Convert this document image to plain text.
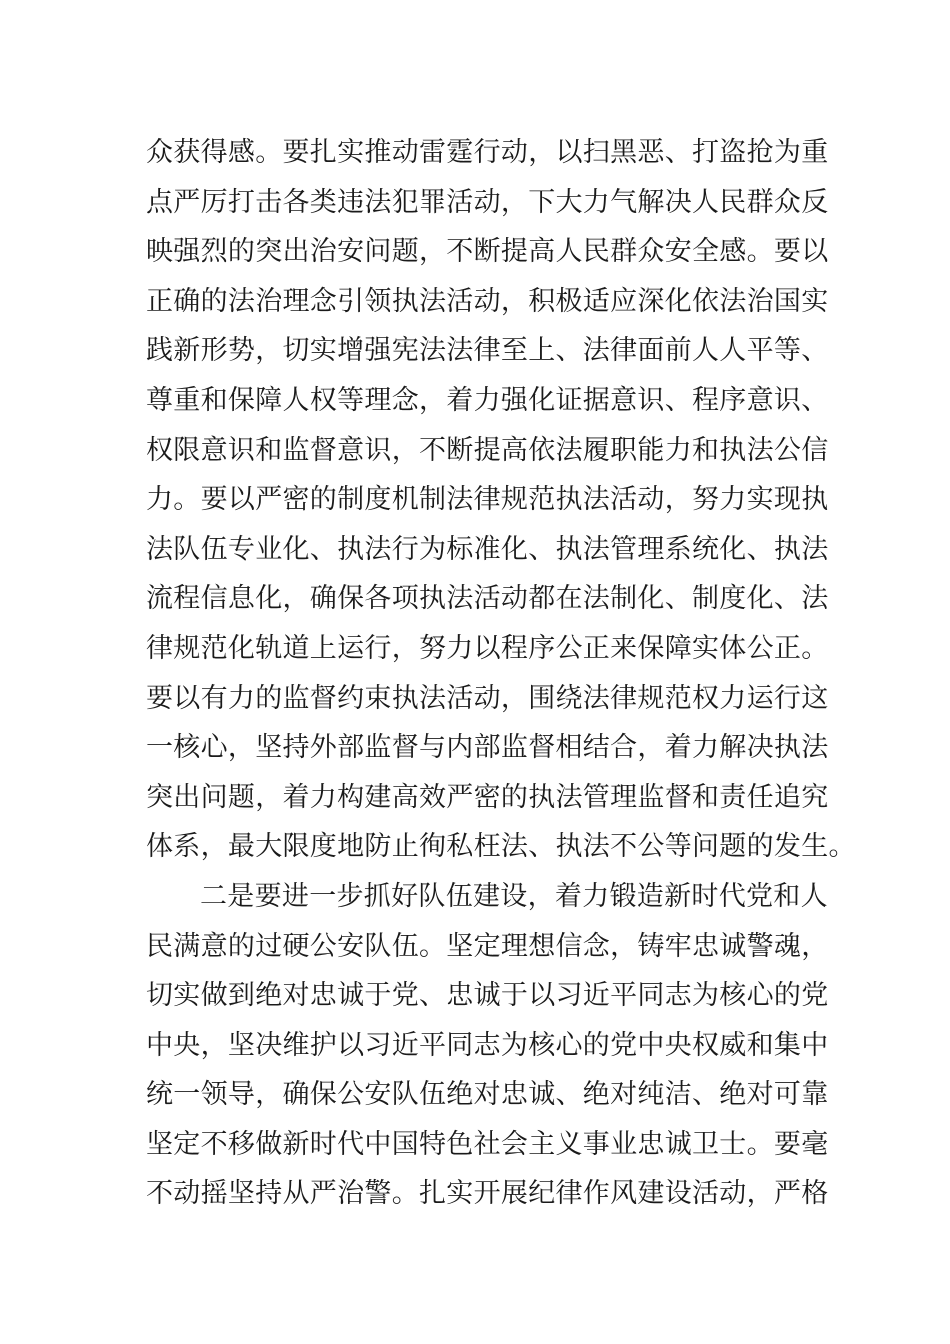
众获得感。要扎实推动雷霆行动，以扫黑恶、打盗抢为重
点严厉打击各类违法犯罪活动，下大力气解决人民群众反
映强烈的突出治安问题，不断提高人民群众安全感。要以
正确的法治理念引领执法活动，积极适应深化依法治国实
践新形势，切实增强宪法法律至上、法律面前人人平等、
尊重和保障人权等理念，着力强化证据意识、程序意识、
权限意识和监督意识，不断提高依法履职能力和执法公信
力。要以严密的制度机制法律规范执法活动，努力实现执
法队伍专业化、执法行为标准化、执法管理系统化、执法
流程信息化，确保各项执法活动都在法制化、制度化、法
律规范化轨道上运行，努力以程序公正来保障实体公正。
要以有力的监督约束执法活动，围绕法律规范权力运行这
一核心，坚持外部监督与内部监督相结合，着力解决执法
突出问题，着力构建高效严密的执法管理监督和责任追究
体系，最大限度地防止徇私枉法、执法不公等问题的发生。
二是要进一步抓好队伍建设，着力锻造新时代党和人
民满意的过硬公安队伍。坚定理想信念，铸牢忠诚警魂，
切实做到绝对忠诚于党、忠诚于以习近平同志为核心的党
中央，坚决维护以习近平同志为核心的党中央权威和集中
统一领导，确保公安队伍绝对忠诚、绝对纯洁、绝对可靠
坚定不移做新时代中国特色社会主义事业忠诚卫士。要毫
不动摇坚持从严治警。扎实开展纪律作风建设活动，严格
